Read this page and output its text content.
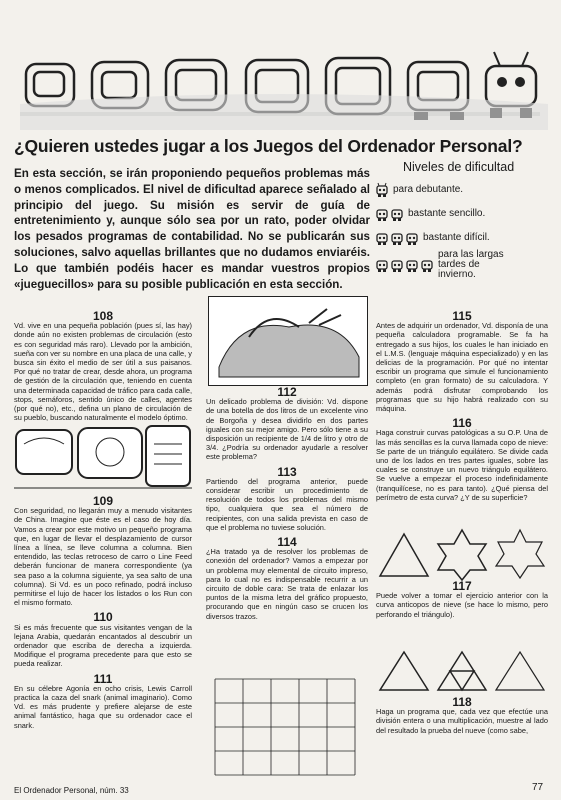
¿Quieren ustedes jugar a los Juegos del Ordenador Personal?

En esta sección, se irán proponiendo pequeños problemas más o menos complicados. El nivel de dificultad aparece señalado al principio del juego. Su misión es servir de guía de entretenimiento y, aunque sólo sea por un rato, poder olvidar los pesados programas de contabilidad. No se publicarán sus soluciones, salvo aquellas brillantes que no dudamos enviaréis. Lo que también podéis hacer es mandar vuestros propios «jueguecillos» para su posible publicación en esta sección.

Niveles de dificultad
para debutante.
bastante sencillo.
bastante difícil.
para las largas tardes de invierno.
108

Vd. vive en una pequeña población (pues sí, las hay) donde aún no existen problemas de circulación (esto es con seguridad más raro). Llevado por la ambición, sueña con ver su nombre en una placa de una calle, y busca sin éxito el medio de ser útil a sus paisanos. Por qué no tratar de crear, desde ahora, un programa de gestión de la circulación que, teniendo en cuenta una determinada capacidad de tráfico para cada calle, stops, semáforos, sentido único de calles, agentes (por qué no), etc., defina un plano de circulación de su pueblo, buscando naturalmente el modelo óptimo.

109

Con seguridad, no llegarán muy a menudo visitantes de China. Imagine que éste es el caso de hoy día. Vamos a crear por este motivo un pequeño programa que, en lugar de llevar el desplazamiento de cursor línea a línea, se lleve columna a columna. Bien entendido, las teclas retroceso de carro o Line Feed deberán funcionar de manera correspondiente (ya sea paso a la columna siguiente, ya sea salto de una columna). Si Vd. es un poco refinado, podrá incluso permitirse el lujo de hacer los listados o los Run con el mismo formato.

110

Si es más frecuente que sus visitantes vengan de la lejana Arabia, quedarán encantados al descubrir un ordenador que escriba de derecha a izquierda. Modifique el programa precedente para que esto se pueda realizar.

111

En su célebre Agonía en ocho crisis, Lewis Carroll practica la caza del snark (animal imaginario). Como Vd. es más prudente y prefiere alejarse de este animal fantástico, haga que su ordenador cace el snark.

112

Un delicado problema de división: Vd. dispone de una botella de dos litros de un excelente vino de Borgoña y desea dividirlo en dos partes iguales con su mejor amigo. Pero sólo tiene a su disposición un recipiente de 1/4 de litro y otro de 3/4. ¿Podría su ordenador ayudarle a resolver este problema?

113

Partiendo del programa anterior, puede considerar escribir un procedimiento de resolución de todos los problemas del mismo tipo, cualquiera que sea el número de recipientes, con una salida prevista en caso de que el problema no tuviese solución.

114

¿Ha tratado ya de resolver los problemas de conexión del ordenador? Vamos a empezar por un problema muy elemental de circuito impreso, para lo cual no es indispensable recurrir a un circuito de doble cara: Se trata de enlazar los puntos de la misma letra del gráfico propuesto, procurando que en ningún caso se crucen los diversos trazos.

115

Antes de adquirir un ordenador, Vd. disponía de una pequeña calculadora programable. Se fa ha entregado a sus hijos, los cuales le han iniciado en el L.M.S. (lenguaje máquina especializado) y en las delicias de la programación. Por qué no intentar escribir un programa que simule el funcionamiento completo (en gran formato) de su calculadora. Y además podrá disfrutar comprobando los programas que su hijo habrá realizado con su máquina.

116

Haga construir curvas patológicas a su O.P. Una de las más sencillas es la curva llamada copo de nieve: Se parte de un triángulo equilátero. Se divide cada uno de los lados en tres partes iguales, sobre las cuales se construye un nuevo triángulo equilátero. Se vuelve a empezar el proceso indefinidamente (tranquilícese, no es para tanto). ¿Qué piensa del perímetro de esta curva? ¿Y de su superficie?

117

Puede volver a tomar el ejercicio anterior con la curva anticopos de nieve (se hace lo mismo, pero perforando el triángulo).

118

Haga un programa que, cada vez que efectúe una división entera o una multiplicación, muestre al lado del resultado la prueba del nueve (como sabe,

El Ordenador Personal, núm. 33	77
